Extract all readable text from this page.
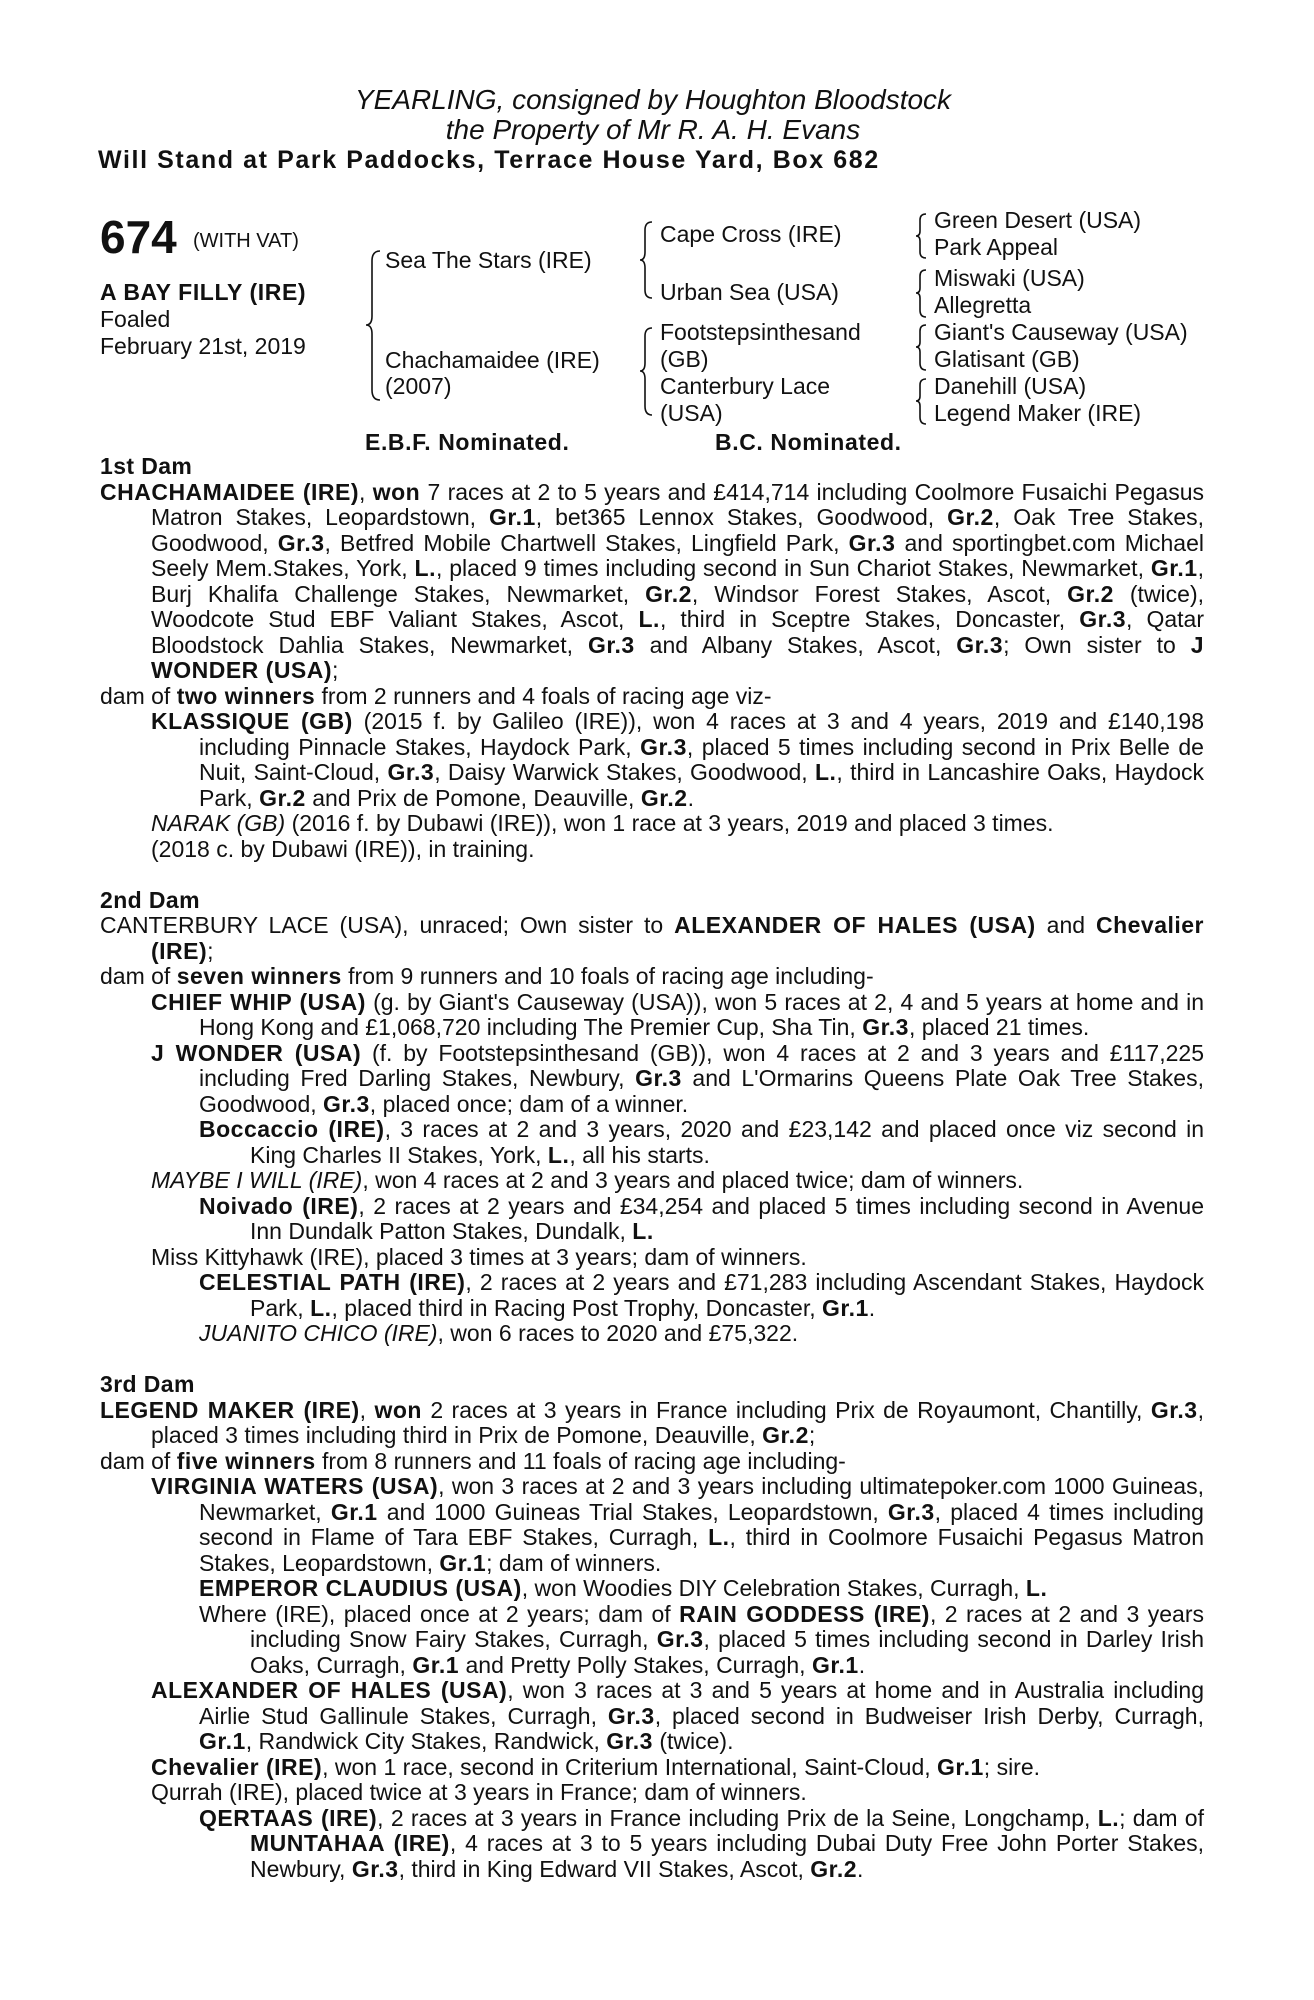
YEARLING, consigned by Houghton Bloodstock
the Property of Mr R. A. H. Evans
Will Stand at Park Paddocks, Terrace House Yard, Box 682
674 (WITH VAT)
A BAY FILLY (IRE)
Foaled
February 21st, 2019
Sea The Stars (IRE)
Chachamaidee (IRE)
(2007)
Cape Cross (IRE)
Urban Sea (USA)
Footstepsinthesand
(GB)
Canterbury Lace
(USA)
Green Desert (USA)
Park Appeal
Miswaki (USA)
Allegretta
Giant's Causeway (USA)
Glatisant (GB)
Danehill (USA)
Legend Maker (IRE)
E.B.F. Nominated.	B.C. Nominated.
1st Dam
CHACHAMAIDEE (IRE), won 7 races at 2 to 5 years and £414,714 including Coolmore Fusaichi Pegasus Matron Stakes, Leopardstown, Gr.1, bet365 Lennox Stakes, Goodwood, Gr.2, Oak Tree Stakes, Goodwood, Gr.3, Betfred Mobile Chartwell Stakes, Lingfield Park, Gr.3 and sportingbet.com Michael Seely Mem.Stakes, York, L., placed 9 times including second in Sun Chariot Stakes, Newmarket, Gr.1, Burj Khalifa Challenge Stakes, Newmarket, Gr.2, Windsor Forest Stakes, Ascot, Gr.2 (twice), Woodcote Stud EBF Valiant Stakes, Ascot, L., third in Sceptre Stakes, Doncaster, Gr.3, Qatar Bloodstock Dahlia Stakes, Newmarket, Gr.3 and Albany Stakes, Ascot, Gr.3; Own sister to J WONDER (USA);
dam of two winners from 2 runners and 4 foals of racing age viz-
KLASSIQUE (GB) (2015 f. by Galileo (IRE)), won 4 races at 3 and 4 years, 2019 and £140,198 including Pinnacle Stakes, Haydock Park, Gr.3, placed 5 times including second in Prix Belle de Nuit, Saint-Cloud, Gr.3, Daisy Warwick Stakes, Goodwood, L., third in Lancashire Oaks, Haydock Park, Gr.2 and Prix de Pomone, Deauville, Gr.2.
NARAK (GB) (2016 f. by Dubawi (IRE)), won 1 race at 3 years, 2019 and placed 3 times.
(2018 c. by Dubawi (IRE)), in training.
2nd Dam
CANTERBURY LACE (USA), unraced; Own sister to ALEXANDER OF HALES (USA) and Chevalier (IRE);
dam of seven winners from 9 runners and 10 foals of racing age including-
CHIEF WHIP (USA) (g. by Giant's Causeway (USA)), won 5 races at 2, 4 and 5 years at home and in Hong Kong and £1,068,720 including The Premier Cup, Sha Tin, Gr.3, placed 21 times.
J WONDER (USA) (f. by Footstepsinthesand (GB)), won 4 races at 2 and 3 years and £117,225 including Fred Darling Stakes, Newbury, Gr.3 and L'Ormarins Queens Plate Oak Tree Stakes, Goodwood, Gr.3, placed once; dam of a winner.
Boccaccio (IRE), 3 races at 2 and 3 years, 2020 and £23,142 and placed once viz second in King Charles II Stakes, York, L., all his starts.
MAYBE I WILL (IRE), won 4 races at 2 and 3 years and placed twice; dam of winners.
Noivado (IRE), 2 races at 2 years and £34,254 and placed 5 times including second in Avenue Inn Dundalk Patton Stakes, Dundalk, L.
Miss Kittyhawk (IRE), placed 3 times at 3 years; dam of winners.
CELESTIAL PATH (IRE), 2 races at 2 years and £71,283 including Ascendant Stakes, Haydock Park, L., placed third in Racing Post Trophy, Doncaster, Gr.1.
JUANITO CHICO (IRE), won 6 races to 2020 and £75,322.
3rd Dam
LEGEND MAKER (IRE), won 2 races at 3 years in France including Prix de Royaumont, Chantilly, Gr.3, placed 3 times including third in Prix de Pomone, Deauville, Gr.2;
dam of five winners from 8 runners and 11 foals of racing age including-
VIRGINIA WATERS (USA), won 3 races at 2 and 3 years including ultimatepoker.com 1000 Guineas, Newmarket, Gr.1 and 1000 Guineas Trial Stakes, Leopardstown, Gr.3, placed 4 times including second in Flame of Tara EBF Stakes, Curragh, L., third in Coolmore Fusaichi Pegasus Matron Stakes, Leopardstown, Gr.1; dam of winners.
EMPEROR CLAUDIUS (USA), won Woodies DIY Celebration Stakes, Curragh, L.
Where (IRE), placed once at 2 years; dam of RAIN GODDESS (IRE), 2 races at 2 and 3 years including Snow Fairy Stakes, Curragh, Gr.3, placed 5 times including second in Darley Irish Oaks, Curragh, Gr.1 and Pretty Polly Stakes, Curragh, Gr.1.
ALEXANDER OF HALES (USA), won 3 races at 3 and 5 years at home and in Australia including Airlie Stud Gallinule Stakes, Curragh, Gr.3, placed second in Budweiser Irish Derby, Curragh, Gr.1, Randwick City Stakes, Randwick, Gr.3 (twice).
Chevalier (IRE), won 1 race, second in Criterium International, Saint-Cloud, Gr.1; sire.
Qurrah (IRE), placed twice at 3 years in France; dam of winners.
QERTAAS (IRE), 2 races at 3 years in France including Prix de la Seine, Longchamp, L.; dam of MUNTAHAA (IRE), 4 races at 3 to 5 years including Dubai Duty Free John Porter Stakes, Newbury, Gr.3, third in King Edward VII Stakes, Ascot, Gr.2.
